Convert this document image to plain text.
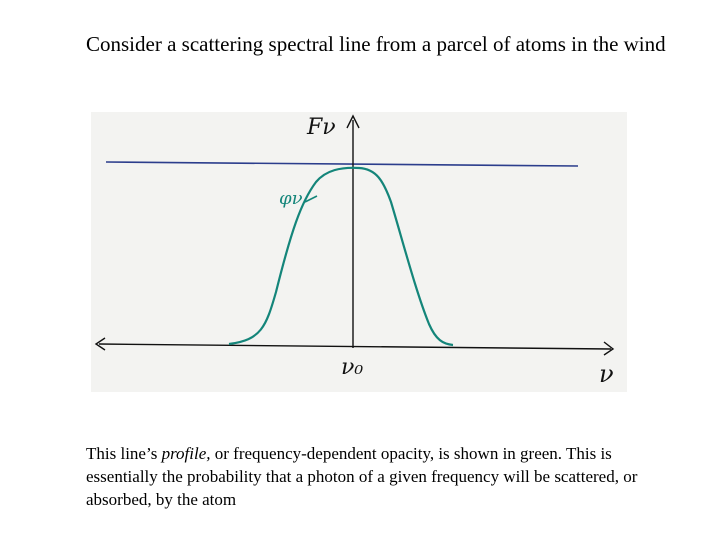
Consider a scattering spectral line from a parcel of atoms in the wind
Fν
ν₀	ν
φν
This line’s profile, or frequency-dependent opacity, is shown in green. This is essentially the probability that a photon of a given frequency will be scattered, or absorbed, by the atom
